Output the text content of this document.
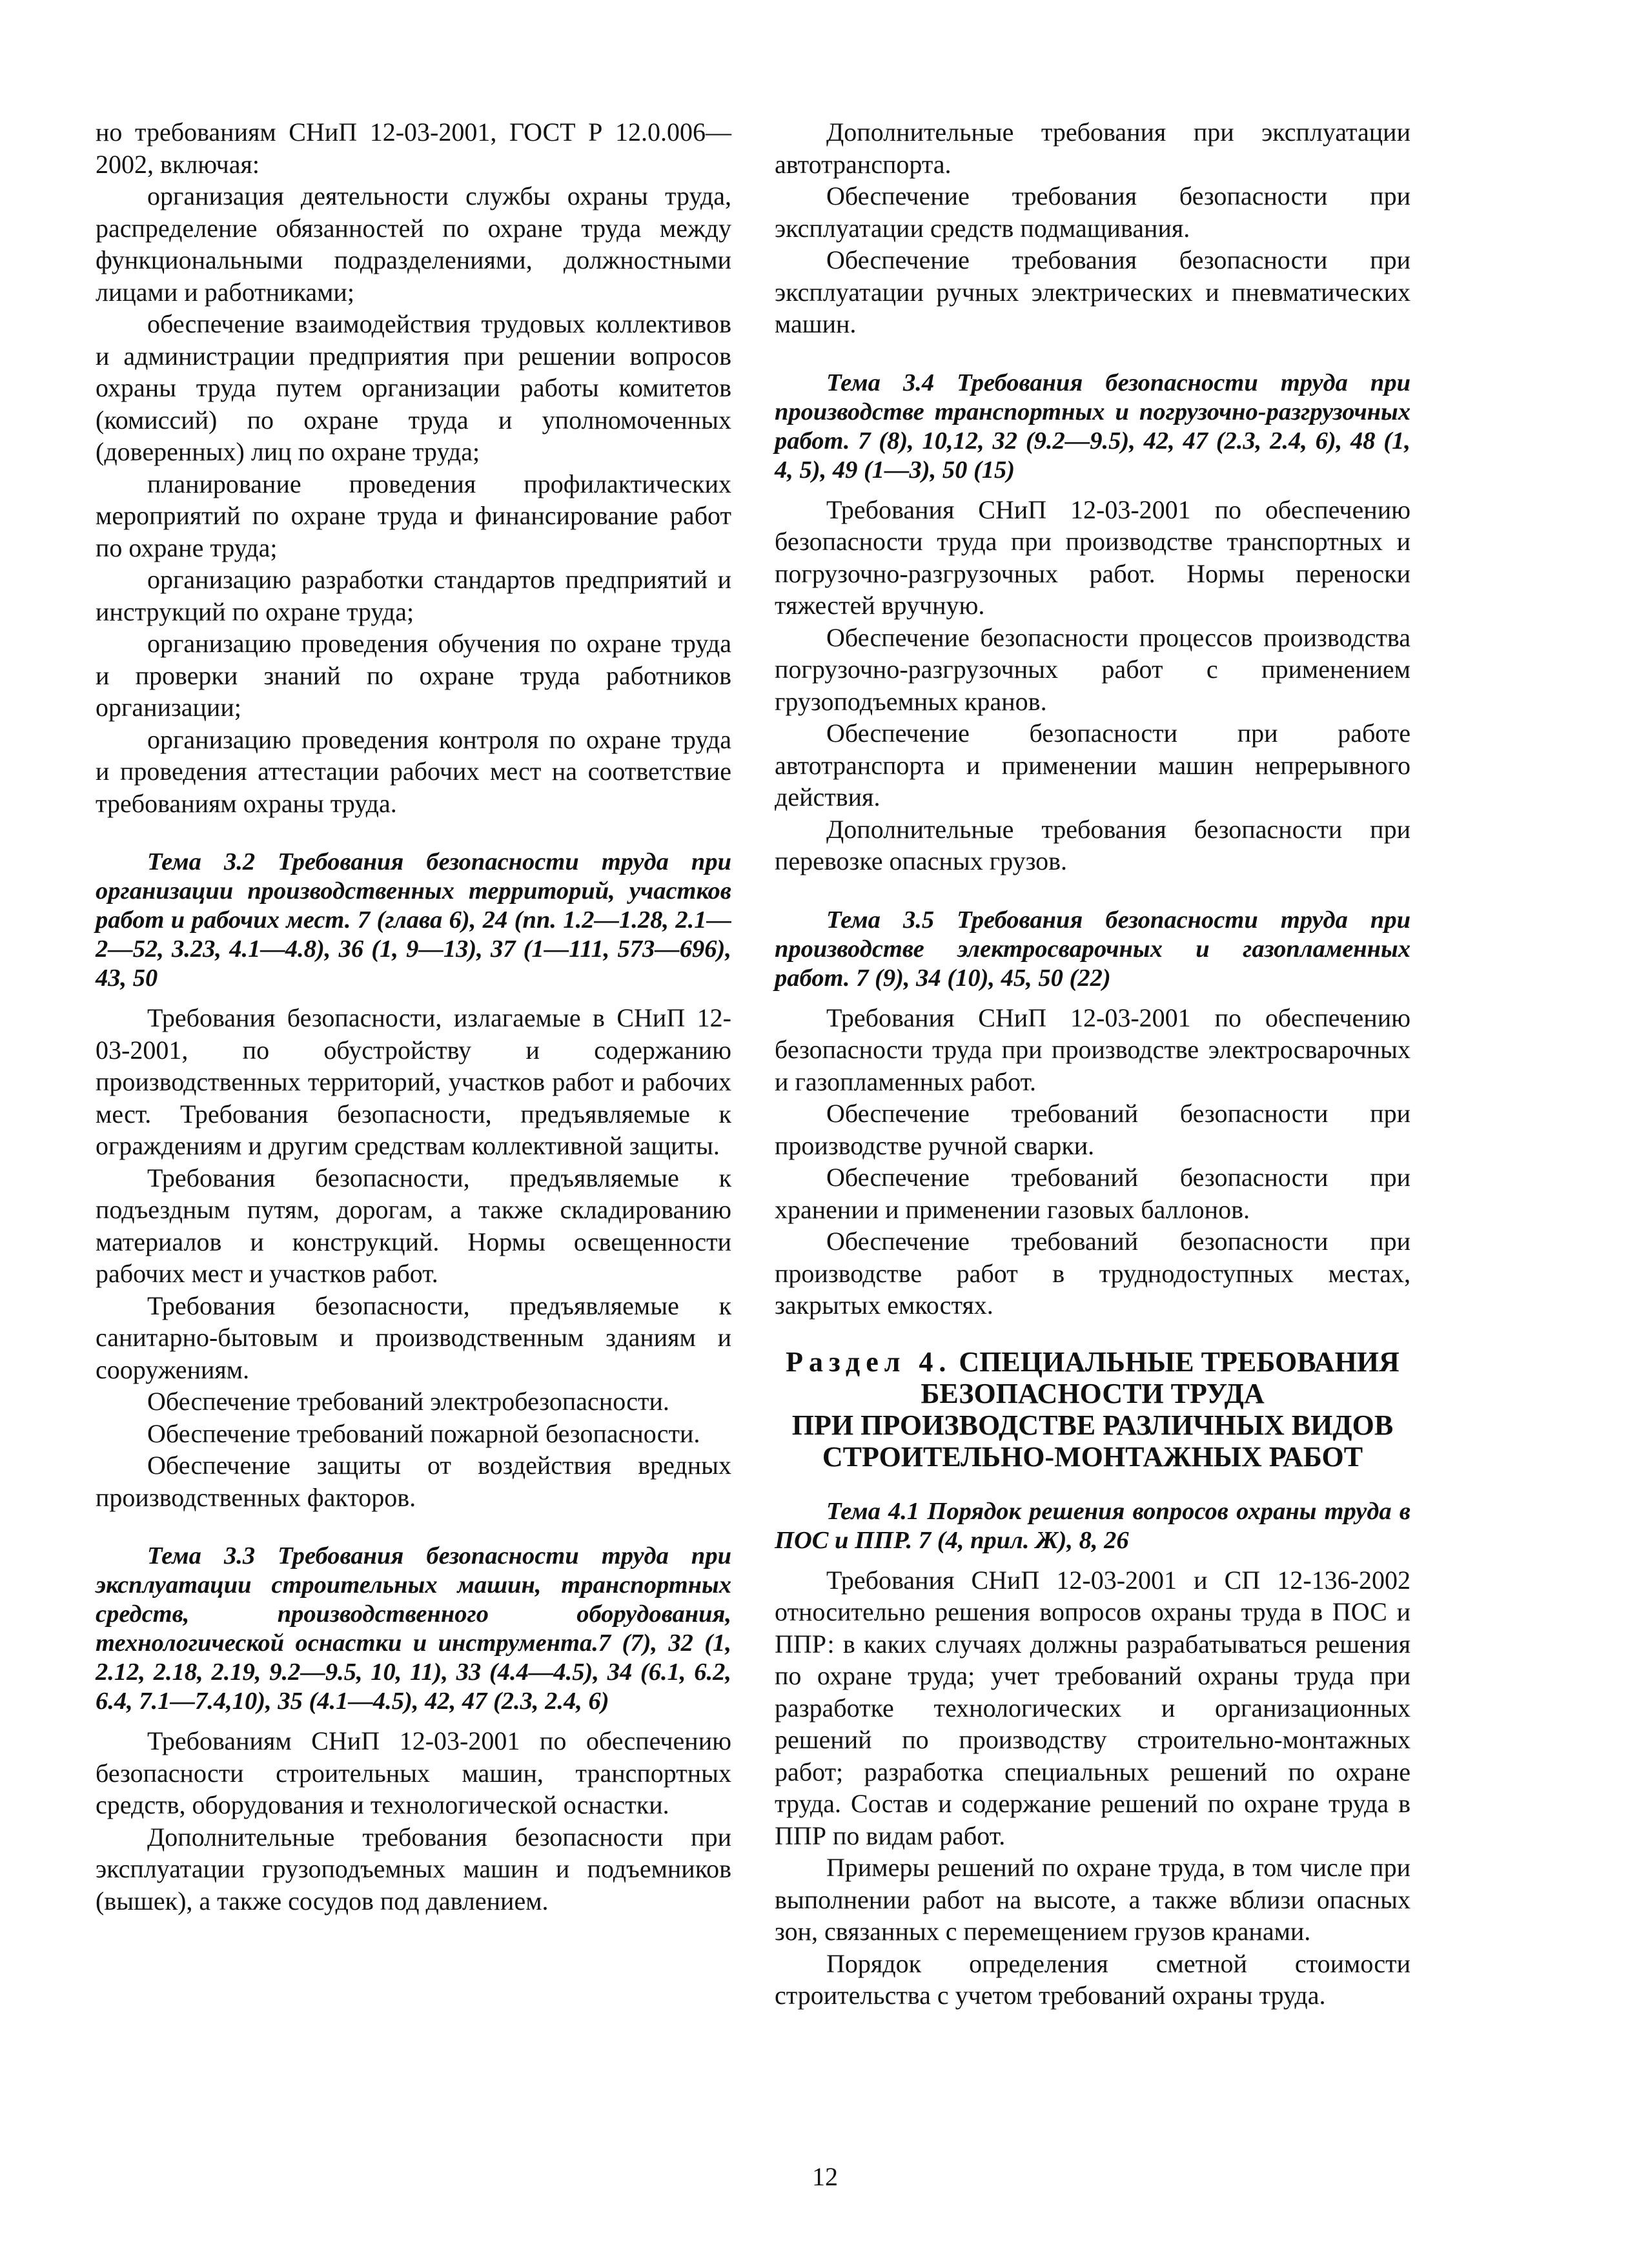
но требованиям СНиП 12-03-2001, ГОСТ Р 12.0.006—2002, включая:

организация деятельности службы охраны труда, распределение обязанностей по охране труда между функциональными подразделениями, должностными лицами и работниками;

обеспечение взаимодействия трудовых коллективов и администрации предприятия при решении вопросов охраны труда путем организации работы комитетов (комиссий) по охране труда и уполномоченных (доверенных) лиц по охране труда;

планирование проведения профилактических мероприятий по охране труда и финансирование работ по охране труда;

организацию разработки стандартов предприятий и инструкций по охране труда;

организацию проведения обучения по охране труда и проверки знаний по охране труда работников организации;

организацию проведения контроля по охране труда и проведения аттестации рабочих мест на соответствие требованиям охраны труда.

Тема 3.2 Требования безопасности труда при организации производственных территорий, участков работ и рабочих мест. 7 (глава 6), 24 (пп. 1.2—1.28, 2.1—2—52, 3.23, 4.1—4.8), 36 (1, 9—13), 37 (1—111, 573—696), 43, 50

Требования безопасности, излагаемые в СНиП 12-03-2001, по обустройству и содержанию производственных территорий, участков работ и рабочих мест. Требования безопасности, предъявляемые к ограждениям и другим средствам коллективной защиты.

Требования безопасности, предъявляемые к подъездным путям, дорогам, а также складированию материалов и конструкций. Нормы освещенности рабочих мест и участков работ.

Требования безопасности, предъявляемые к санитарно-бытовым и производственным зданиям и сооружениям.

Обеспечение требований электробезопасности.

Обеспечение требований пожарной безопасности.

Обеспечение защиты от воздействия вредных производственных факторов.

Тема 3.3 Требования безопасности труда при эксплуатации строительных машин, транспортных средств, производственного оборудования, технологической оснастки и инструмента.7 (7), 32 (1, 2.12, 2.18, 2.19, 9.2—9.5, 10, 11), 33 (4.4—4.5), 34 (6.1, 6.2, 6.4, 7.1—7.4,10), 35 (4.1—4.5), 42, 47 (2.3, 2.4, 6)

Требованиям СНиП 12-03-2001 по обеспечению безопасности строительных машин, транспортных средств, оборудования и технологической оснастки.

Дополнительные требования безопасности при эксплуатации грузоподъемных машин и подъемников (вышек), а также сосудов под давлением.

Дополнительные требования при эксплуатации автотранспорта.

Обеспечение требования безопасности при эксплуатации средств подмащивания.

Обеспечение требования безопасности при эксплуатации ручных электрических и пневматических машин.

Тема 3.4 Требования безопасности труда при производстве транспортных и погрузочно-разгрузочных работ. 7 (8), 10,12, 32 (9.2—9.5), 42, 47 (2.3, 2.4, 6), 48 (1, 4, 5), 49 (1—3), 50 (15)

Требования СНиП 12-03-2001 по обеспечению безопасности труда при производстве транспортных и погрузочно-разгрузочных работ. Нормы переноски тяжестей вручную.

Обеспечение безопасности процессов производства погрузочно-разгрузочных работ с применением грузоподъемных кранов.

Обеспечение безопасности при работе автотранспорта и применении машин непрерывного действия.

Дополнительные требования безопасности при перевозке опасных грузов.

Тема 3.5 Требования безопасности труда при производстве электросварочных и газопламенных работ. 7 (9), 34 (10), 45, 50 (22)

Требования СНиП 12-03-2001 по обеспечению безопасности труда при производстве электросварочных и газопламенных работ.

Обеспечение требований безопасности при производстве ручной сварки.

Обеспечение требований безопасности при хранении и применении газовых баллонов.

Обеспечение требований безопасности при производстве работ в труднодоступных местах, закрытых емкостях.

Раздел 4. СПЕЦИАЛЬНЫЕ ТРЕБОВАНИЯ
БЕЗОПАСНОСТИ ТРУДА
ПРИ ПРОИЗВОДСТВЕ РАЗЛИЧНЫХ ВИДОВ
СТРОИТЕЛЬНО-МОНТАЖНЫХ РАБОТ

Тема 4.1 Порядок решения вопросов охраны труда в ПОС и ППР. 7 (4, прил. Ж), 8, 26

Требования СНиП 12-03-2001 и СП 12-136-2002 относительно решения вопросов охраны труда в ПОС и ППР: в каких случаях должны разрабатываться решения по охране труда; учет требований охраны труда при разработке технологических и организационных решений по производству строительно-монтажных работ; разработка специальных решений по охране труда. Состав и содержание решений по охране труда в ППР по видам работ.

Примеры решений по охране труда, в том числе при выполнении работ на высоте, а также вблизи опасных зон, связанных с перемещением грузов кранами.

Порядок определения сметной стоимости строительства с учетом требований охраны труда.

12
